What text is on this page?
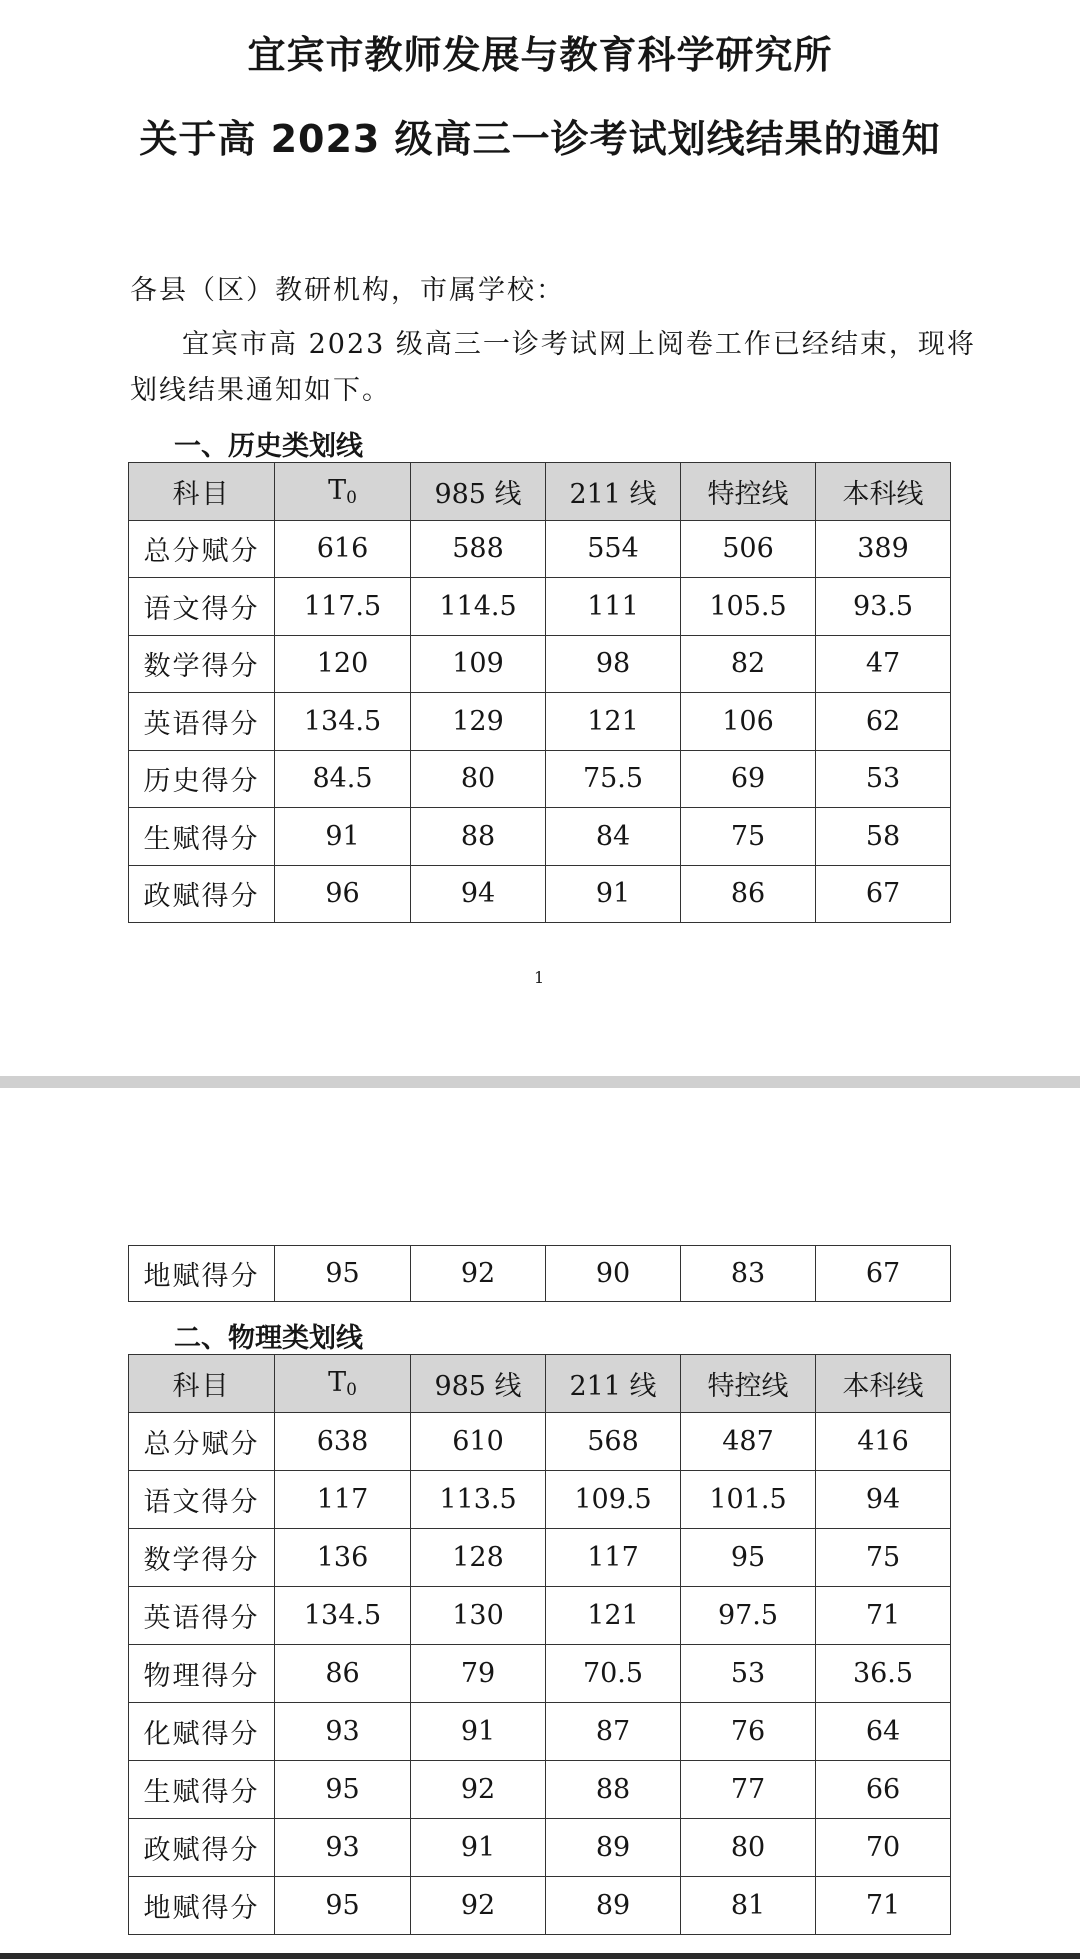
宜宾市教师发展与教育科学研究所
关于高 2023 级高三一诊考试划线结果的通知
各县（区）教研机构，市属学校：
宜宾市高 2023 级高三一诊考试网上阅卷工作已经结束，现将
划线结果通知如下。
一、历史类划线
科目	$T_0$	985 线	211 线	特控线	本科线
总分赋分	616	588	554	506	389
语文得分	117.5	114.5	111	105.5	93.5
数学得分	120	109	98	82	47
英语得分	134.5	129	121	106	62
历史得分	84.5	80	75.5	69	53
生赋得分	91	88	84	75	58
政赋得分	96	94	91	86	67
1
地赋得分	95	92	90	83	67
二、物理类划线
科目	$T_0$	985 线	211 线	特控线	本科线
总分赋分	638	610	568	487	416
语文得分	117	113.5	109.5	101.5	94
数学得分	136	128	117	95	75
英语得分	134.5	130	121	97.5	71
物理得分	86	79	70.5	53	36.5
化赋得分	93	91	87	76	64
生赋得分	95	92	88	77	66
政赋得分	93	91	89	80	70
地赋得分	95	92	89	81	71
